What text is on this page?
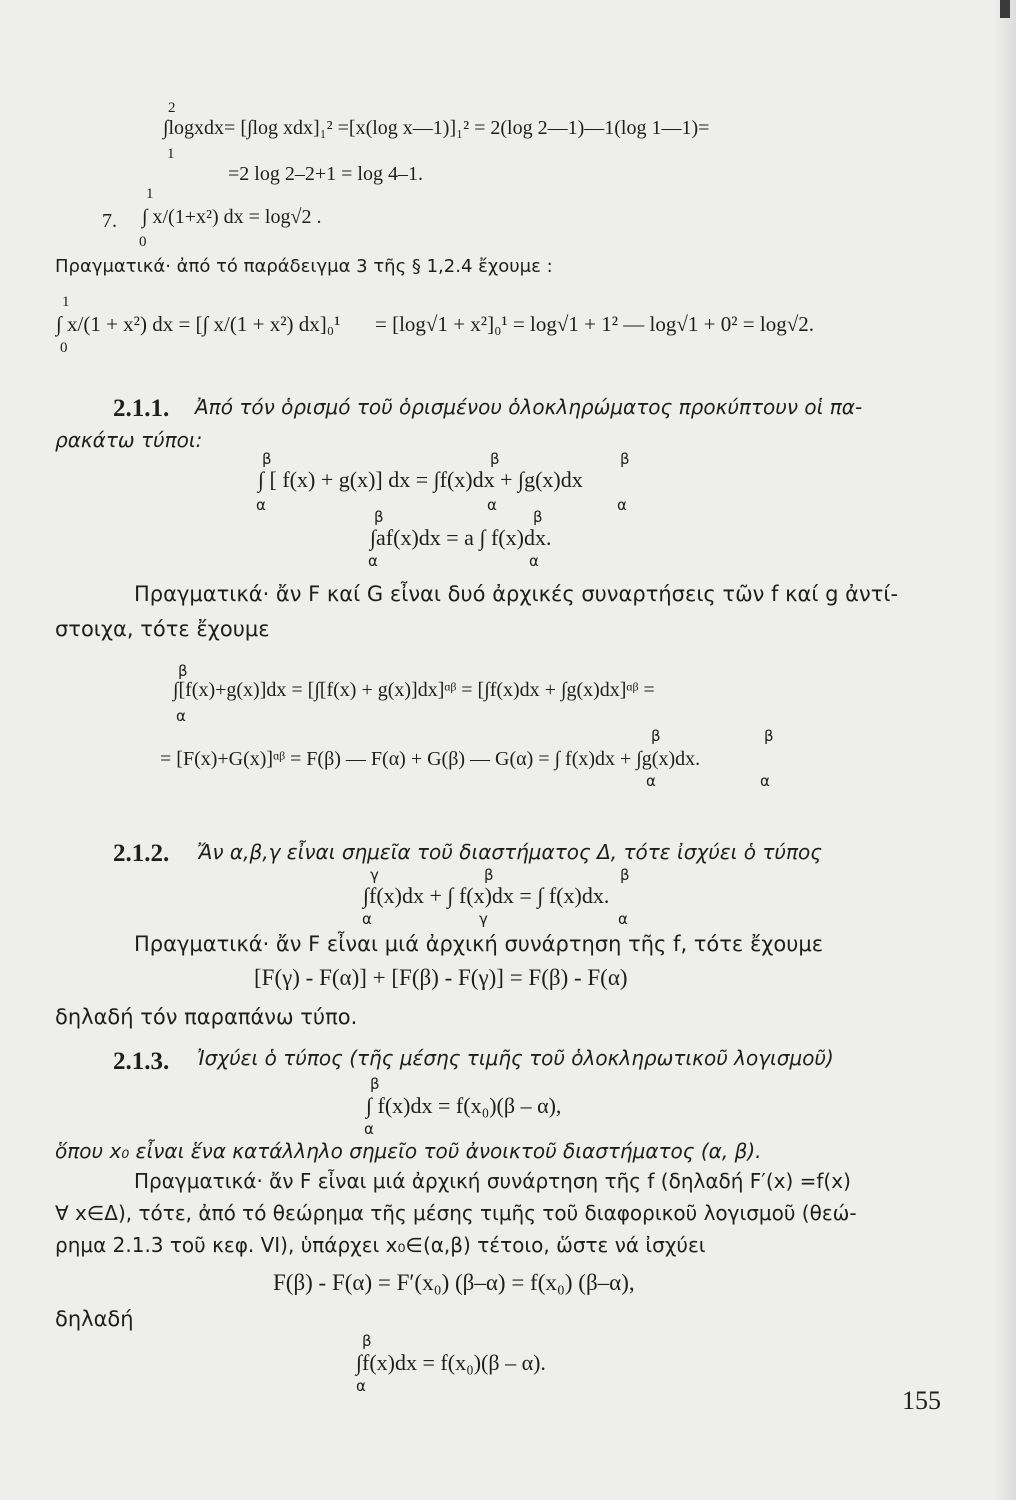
2
1
∫logxdx= [∫log xdx]₁² =[x(log x—1)]₁² = 2(log 2—1)—1(log 1—1)=
=2 log 2–2+1 = log 4–1.
1
7. ∫ x/(1+x²) dx = log√2 .
0
Πραγματικά· ἀπό τό παράδειγμα 3 τῆς § 1,2.4 ἔχουμε :
1
0
∫ x/(1 + x²) dx = [∫ x/(1 + x²) dx]₀¹ = [log√1 + x²]₀¹ = log√1 + 1² — log√1 + 0² = log√2.
2.1.1. Ἀπό τόν ὁρισμό τοῦ ὁρισμένου ὁλοκληρώματος προκύπτουν οἱ πα-
ρακάτω τύποι:
β	β	β
∫ [ f(x) + g(x)] dx = ∫f(x)dx + ∫g(x)dx
α	α	α
β	β
∫af(x)dx = a ∫ f(x)dx.
α	α
Πραγματικά· ἄν F καί G εἶναι δυό ἀρχικές συναρτήσεις τῶν f καί g ἀντί-
στοιχα, τότε ἔχουμε
β
∫[f(x)+g(x)]dx = [∫[f(x) + g(x)]dx]ᵅᵝ = [∫f(x)dx + ∫g(x)dx]ᵅᵝ =
α
β	β
= [F(x)+G(x)]ᵅᵝ = F(β) — F(α) + G(β) — G(α) = ∫ f(x)dx + ∫g(x)dx.
α	α
2.1.2. Ἄν α,β,γ εἶναι σημεῖα τοῦ διαστήματος Δ, τότε ἰσχύει ὁ τύπος
γ	β	β
∫f(x)dx + ∫ f(x)dx = ∫ f(x)dx.
α	γ	α
Πραγματικά· ἄν F εἶναι μιά ἀρχική συνάρτηση τῆς f, τότε ἔχουμε
[F(γ) - F(α)] + [F(β) - F(γ)] = F(β) - F(α)
δηλαδή τόν παραπάνω τύπο.
2.1.3. Ἰσχύει ὁ τύπος (τῆς μέσης τιμῆς τοῦ ὁλοκληρωτικοῦ λογισμοῦ)
β
∫ f(x)dx = f(x₀)(β – α),
α
ὅπου x₀ εἶναι ἕνα κατάλληλο σημεῖο τοῦ ἀνοικτοῦ διαστήματος (α, β).
Πραγματικά· ἄν F εἶναι μιά ἀρχική συνάρτηση τῆς f (δηλαδή F′(x) =f(x)
∀ x∈Δ), τότε, ἀπό τό θεώρημα τῆς μέσης τιμῆς τοῦ διαφορικοῦ λογισμοῦ (θεώ-
ρημα 2.1.3 τοῦ κεφ. VI), ὑπάρχει x₀∈(α,β) τέτοιο, ὥστε νά ἰσχύει
F(β) - F(α) = F′(x₀) (β–α) = f(x₀) (β–α),
δηλαδή
β
∫f(x)dx = f(x₀)(β – α).
α	155
